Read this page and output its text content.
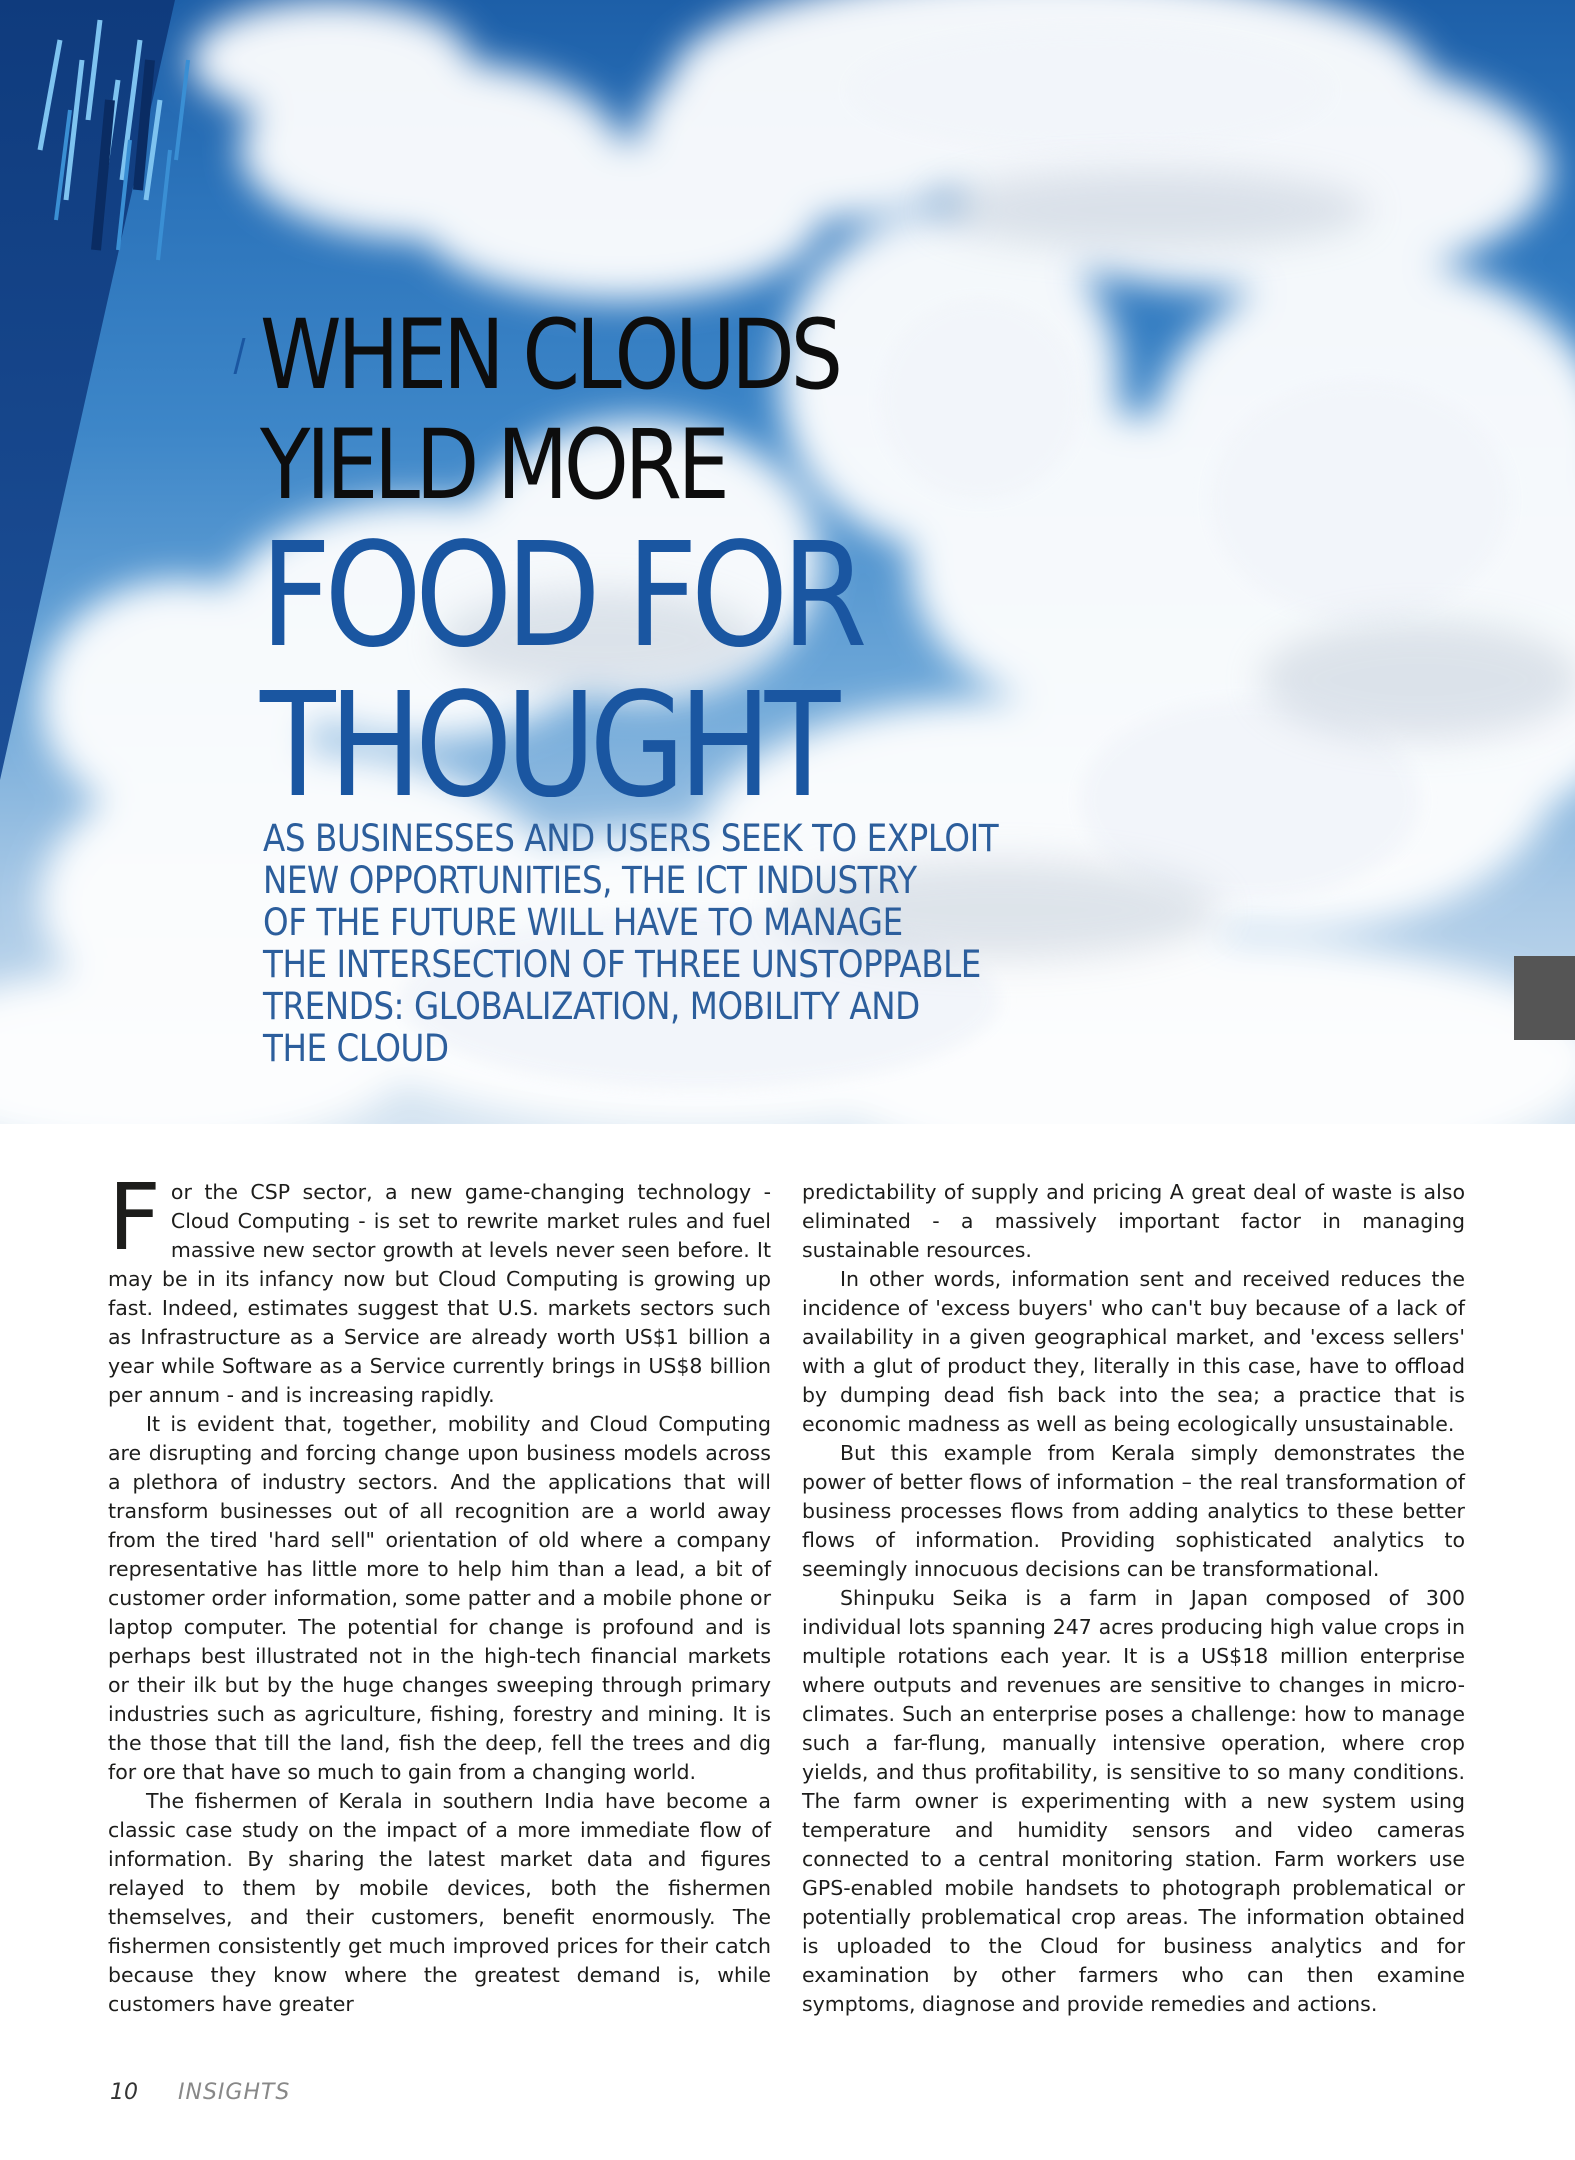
WHEN CLOUDS
YIELD MORE
FOOD FOR
THOUGHT
AS BUSINESSES AND USERS SEEK TO EXPLOIT
NEW OPPORTUNITIES, THE ICT INDUSTRY
OF THE FUTURE WILL HAVE TO MANAGE
THE INTERSECTION OF THREE UNSTOPPABLE
TRENDS: GLOBALIZATION, MOBILITY AND
THE CLOUD

For the CSP sector, a new game-changing technology - Cloud Computing - is set to rewrite market rules and fuel massive new sector growth at levels never seen before. It may be in its infancy now but Cloud Computing is growing up fast. Indeed, estimates suggest that U.S. markets sectors such as Infrastructure as a Service are already worth US$1 billion a year while Software as a Service currently brings in US$8 billion per annum - and is increasing rapidly.

It is evident that, together, mobility and Cloud Computing are disrupting and forcing change upon business models across a plethora of industry sectors. And the applications that will transform businesses out of all recognition are a world away from the tired 'hard sell" orientation of old where a company representative has little more to help him than a lead, a bit of customer order information, some patter and a mobile phone or laptop computer. The potential for change is profound and is perhaps best illustrated not in the high-tech financial markets or their ilk but by the huge changes sweeping through primary industries such as agriculture, fishing, forestry and mining. It is the those that till the land, fish the deep, fell the trees and dig for ore that have so much to gain from a changing world.

The fishermen of Kerala in southern India have become a classic case study on the impact of a more immediate flow of information. By sharing the latest market data and figures relayed to them by mobile devices, both the fishermen themselves, and their customers, benefit enormously. The fishermen consistently get much improved prices for their catch because they know where the greatest demand is, while customers have greater

predictability of supply and pricing A great deal of waste is also eliminated - a massively important factor in managing sustainable resources.

In other words, information sent and received reduces the incidence of 'excess buyers' who can't buy because of a lack of availability in a given geographical market, and 'excess sellers' with a glut of product they, literally in this case, have to offload by dumping dead fish back into the sea; a practice that is economic madness as well as being ecologically unsustainable.

But this example from Kerala simply demonstrates the power of better flows of information – the real transformation of business processes flows from adding analytics to these better flows of information. Providing sophisticated analytics to seemingly innocuous decisions can be transformational.

Shinpuku Seika is a farm in Japan composed of 300 individual lots spanning 247 acres producing high value crops in multiple rotations each year. It is a US$18 million enterprise where outputs and revenues are sensitive to changes in micro-climates. Such an enterprise poses a challenge: how to manage such a far-flung, manually intensive operation, where crop yields, and thus profitability, is sensitive to so many conditions. The farm owner is experimenting with a new system using temperature and humidity sensors and video cameras connected to a central monitoring station. Farm workers use GPS-enabled mobile handsets to photograph problematical or potentially problematical crop areas. The information obtained is uploaded to the Cloud for business analytics and for examination by other farmers who can then examine symptoms, diagnose and provide remedies and actions.

10 INSIGHTS
